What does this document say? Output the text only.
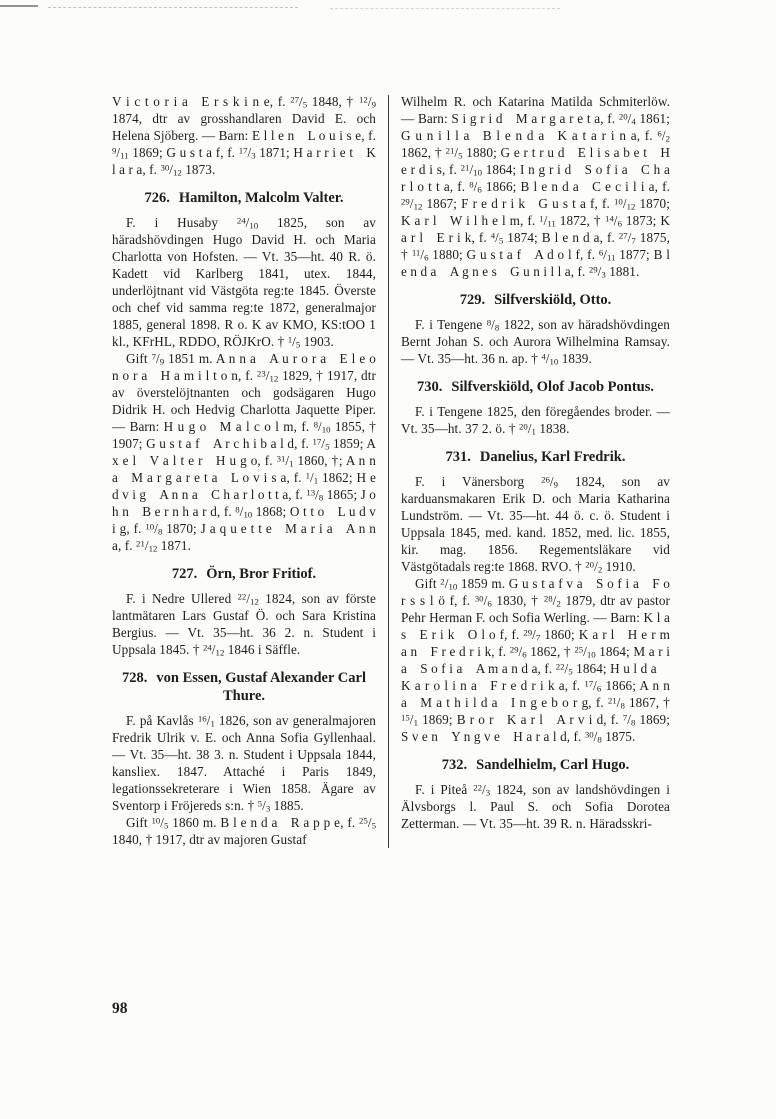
V i c t o r i a E r s k i n e, f. $^{27}/_5$ 1848, † $^{12}/_9$ 1874, dtr av grosshandlaren David E. och Helena Sjöberg. — Barn: E l l e n L o u i s e, f. $^9/_{11}$ 1869; G u s t a f, f. $^{17}/_3$ 1871; H a r r i e t K l a r a, f. $^{30}/_{12}$ 1873.

726. Hamilton, Malcolm Valter.

F. i Husaby $^{24}/_{10}$ 1825, son av häradshövdingen Hugo David H. och Maria Charlotta von Hofsten. — Vt. 35—ht. 40 R. ö. Kadett vid Karlberg 1841, utex. 1844, underlöjtnant vid Västgöta reg:te 1845. Överste och chef vid samma reg:te 1872, generalmajor 1885, general 1898. R o. K av KMO, KS:tOO 1 kl., KFrHL, RDDO, RÖJKrO. † $^1/_5$ 1903.

Gift $^7/_9$ 1851 m. A n n a A u r o r a E l e o n o r a H a m i l t o n, f. $^{23}/_{12}$ 1829, † 1917, dtr av överstelöjtnanten och godsägaren Hugo Didrik H. och Hedvig Charlotta Jaquette Piper. — Barn: H u g o M a l c o l m, f. $^8/_{10}$ 1855, † 1907; G u s t a f A r c h i b a l d, f. $^{17}/_5$ 1859; A x e l V a l t e r H u g o, f. $^{31}/_1$ 1860, †; A n n a M a r g a r e t a L o v i s a, f. $^1/_1$ 1862; H e d v i g A n n a C h a r l o t t a, f. $^{13}/_8$ 1865; J o h n B e r n h a r d, f. $^8/_{10}$ 1868; O t t o L u d v i g, f. $^{10}/_8$ 1870; J a q u e t t e M a r i a A n n a, f. $^{21}/_{12}$ 1871.

727. Örn, Bror Fritiof.

F. i Nedre Ullered $^{22}/_{12}$ 1824, son av förste lantmätaren Lars Gustaf Ö. och Sara Kristina Bergius. — Vt. 35—ht. 36 2. n. Student i Uppsala 1845. † $^{24}/_{12}$ 1846 i Säffle.

728. von Essen, Gustaf Alexander Carl Thure.

F. på Kavlås $^{16}/_1$ 1826, son av generalmajoren Fredrik Ulrik v. E. och Anna Sofia Gyllenhaal. — Vt. 35—ht. 38 3. n. Student i Uppsala 1844, kansliex. 1847. Attaché i Paris 1849, legationssekreterare i Wien 1858. Ägare av Sventorp i Fröjereds s:n. † $^5/_3$ 1885.

Gift $^{10}/_5$ 1860 m. B l e n d a R a p p e, f. $^{25}/_5$ 1840, † 1917, dtr av majoren Gustaf

Wilhelm R. och Katarina Matilda Schmiterlöw. — Barn: S i g r i d M a r g a r e t a, f. $^{20}/_4$ 1861; G u n i l l a B l e n d a K a t a r i n a, f. $^6/_2$ 1862, † $^{21}/_5$ 1880; G e r t r u d E l i s a b e t H e r d i s, f. $^{21}/_{10}$ 1864; I n g r i d S o f i a C h a r l o t t a, f. $^8/_6$ 1866; B l e n d a C e c i l i a, f. $^{29}/_{12}$ 1867; F r e d r i k G u s t a f, f. $^{10}/_{12}$ 1870; K a r l W i l h e l m, f. $^1/_{11}$ 1872, † $^{14}/_6$ 1873; K a r l E r i k, f. $^4/_5$ 1874; B l e n d a, f. $^{27}/_7$ 1875, † $^{11}/_6$ 1880; G u s t a f A d o l f, f. $^6/_{11}$ 1877; B l e n d a A g n e s G u n i l l a, f. $^{29}/_3$ 1881.

729. Silfverskiöld, Otto.

F. i Tengene $^8/_8$ 1822, son av häradshövdingen Bernt Johan S. och Aurora Wilhelmina Ramsay. — Vt. 35—ht. 36 n. ap. † $^4/_{10}$ 1839.

730. Silfverskiöld, Olof Jacob Pontus.

F. i Tengene 1825, den föregåendes broder. — Vt. 35—ht. 37 2. ö. † $^{20}/_1$ 1838.

731. Danelius, Karl Fredrik.

F. i Vänersborg $^{26}/_9$ 1824, son av karduansmakaren Erik D. och Maria Katharina Lundström. — Vt. 35—ht. 44 ö. c. ö. Student i Uppsala 1845, med. kand. 1852, med. lic. 1855, kir. mag. 1856. Regementsläkare vid Västgötadals reg:te 1868. RVO. † $^{20}/_2$ 1910.

Gift $^2/_{10}$ 1859 m. G u s t a f v a S o f i a F o r s s l ö f, f. $^{30}/_6$ 1830, † $^{28}/_2$ 1879, dtr av pastor Pehr Herman F. och Sofia Werling. — Barn: K l a s E r i k O l o f, f. $^{29}/_7$ 1860; K a r l H e r m a n F r e d r i k, f. $^{29}/_6$ 1862, † $^{25}/_{10}$ 1864; M a r i a S o f i a A m a n d a, f. $^{22}/_5$ 1864; H u l d a K a r o l i n a F r e d r i k a, f. $^{17}/_6$ 1866; A n n a M a t h i l d a I n g e b o r g, f. $^{21}/_8$ 1867, † $^{15}/_1$ 1869; B r o r K a r l A r v i d, f. $^7/_8$ 1869; S v e n Y n g v e H a r a l d, f. $^{30}/_8$ 1875.

732. Sandelhielm, Carl Hugo.

F. i Piteå $^{22}/_3$ 1824, son av landshövdingen i Älvsborgs l. Paul S. och Sofia Dorotea Zetterman. — Vt. 35—ht. 39 R. n. Häradsskri-

98
